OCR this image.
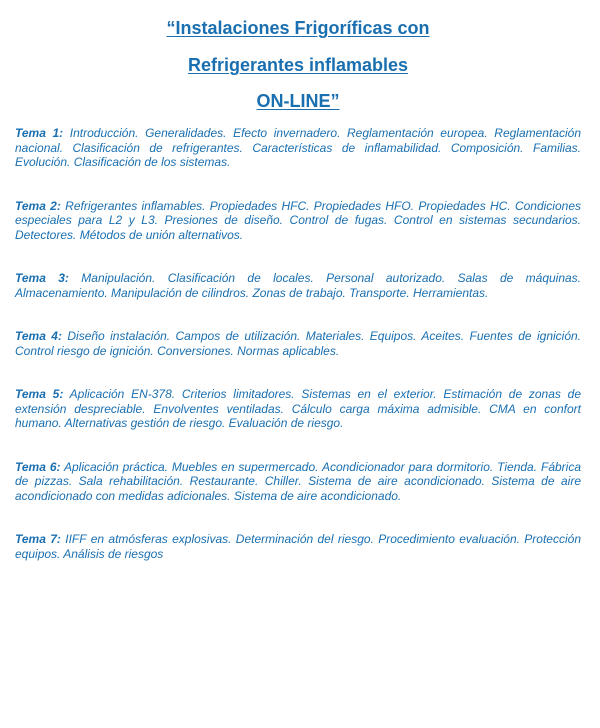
“Instalaciones Frigoríficas con
Refrigerantes inflamables
ON-LINE”

Tema 1: Introducción. Generalidades. Efecto invernadero. Reglamentación europea. Reglamentación nacional. Clasificación de refrigerantes. Características de inflamabilidad. Composición. Familias. Evolución. Clasificación de los sistemas.

Tema 2: Refrigerantes inflamables. Propiedades HFC. Propiedades HFO. Propiedades HC. Condiciones especiales para L2 y L3. Presiones de diseño. Control de fugas. Control en sistemas secundarios. Detectores. Métodos de unión alternativos.

Tema 3: Manipulación. Clasificación de locales. Personal autorizado. Salas de máquinas. Almacenamiento. Manipulación de cilindros. Zonas de trabajo. Transporte. Herramientas.

Tema 4: Diseño instalación. Campos de utilización. Materiales. Equipos. Aceites. Fuentes de ignición. Control riesgo de ignición. Conversiones. Normas aplicables.

Tema 5: Aplicación EN-378. Criterios limitadores. Sistemas en el exterior. Estimación de zonas de extensión despreciable. Envolventes ventiladas. Cálculo carga máxima admisible. CMA en confort humano. Alternativas gestión de riesgo. Evaluación de riesgo.

Tema 6: Aplicación práctica. Muebles en supermercado. Acondicionador para dormitorio. Tienda. Fábrica de pizzas. Sala rehabilitación. Restaurante. Chiller. Sistema de aire acondicionado. Sistema de aire acondicionado con medidas adicionales. Sistema de aire acondicionado.

Tema 7: IIFF en atmósferas explosivas. Determinación del riesgo. Procedimiento evaluación. Protección equipos. Análisis de riesgos
